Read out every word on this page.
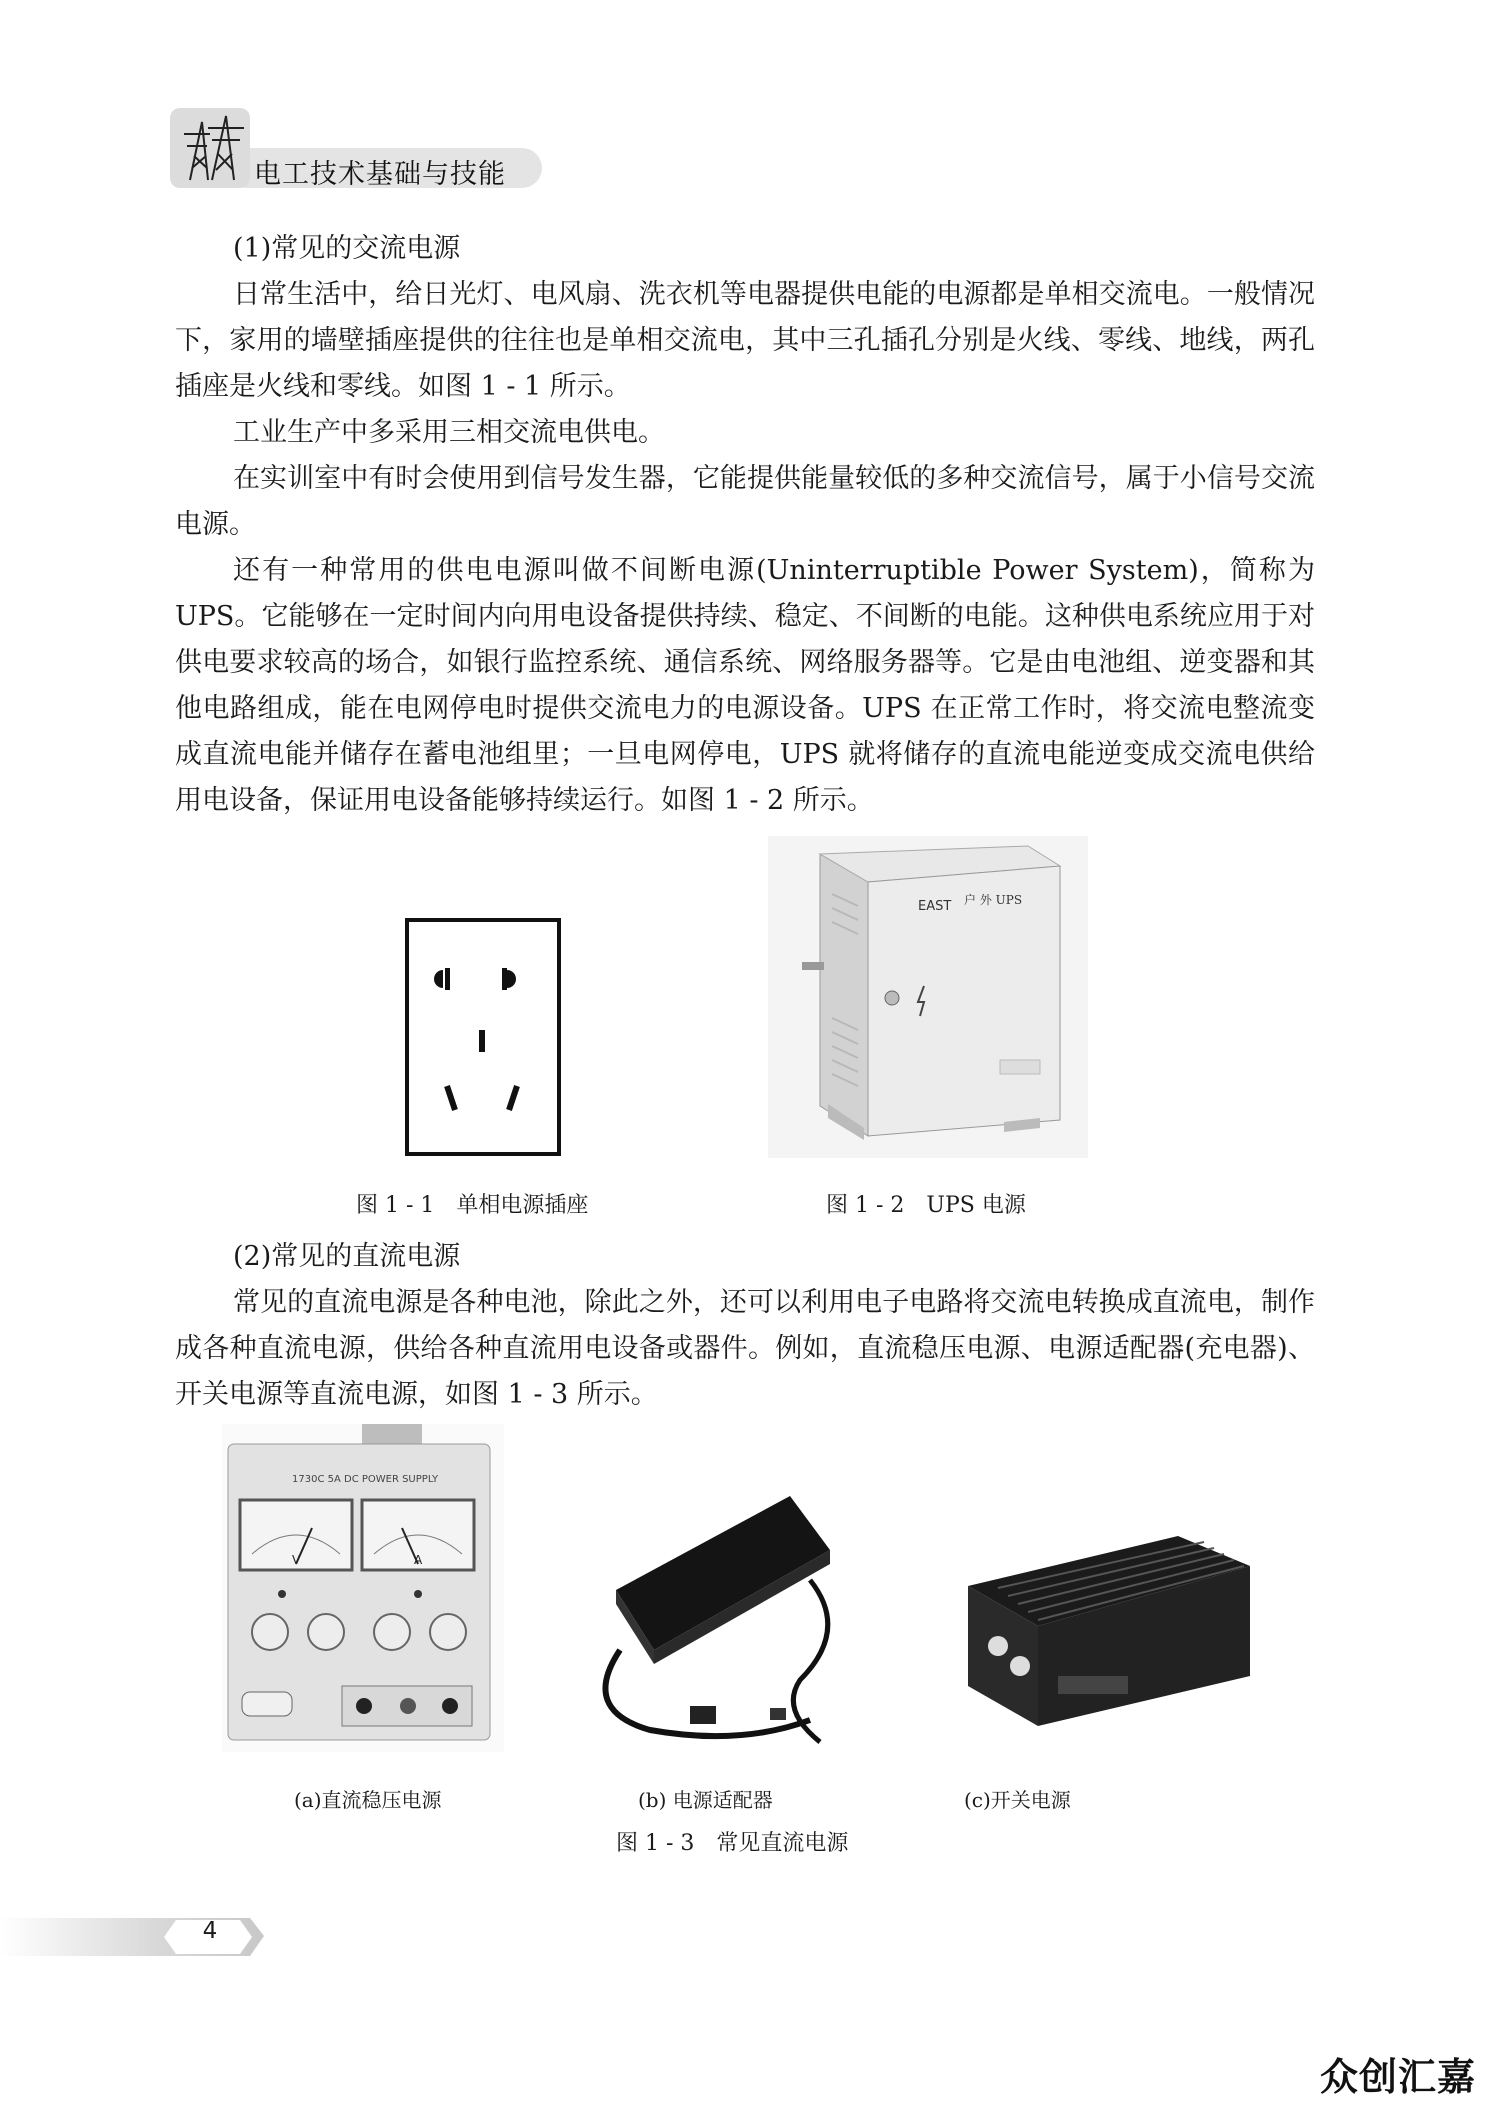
电工技术基础与技能

(1)常见的交流电源

日常生活中，给日光灯、电风扇、洗衣机等电器提供电能的电源都是单相交流电。一般情况下，家用的墙壁插座提供的往往也是单相交流电，其中三孔插孔分别是火线、零线、地线，两孔插座是火线和零线。如图 1 - 1 所示。

工业生产中多采用三相交流电供电。

在实训室中有时会使用到信号发生器，它能提供能量较低的多种交流信号，属于小信号交流电源。

还有一种常用的供电电源叫做不间断电源(Uninterruptible Power System)，简称为UPS。它能够在一定时间内向用电设备提供持续、稳定、不间断的电能。这种供电系统应用于对供电要求较高的场合，如银行监控系统、通信系统、网络服务器等。它是由电池组、逆变器和其他电路组成，能在电网停电时提供交流电力的电源设备。UPS 在正常工作时，将交流电整流变成直流电能并储存在蓄电池组里；一旦电网停电，UPS 就将储存的直流电能逆变成交流电供给用电设备，保证用电设备能够持续运行。如图 1 - 2 所示。

EAST 户 外 UPS
图 1 - 1　单相电源插座	图 1 - 2　UPS 电源

(2)常见的直流电源

常见的直流电源是各种电池，除此之外，还可以利用电子电路将交流电转换成直流电，制作成各种直流电源，供给各种直流用电设备或器件。例如，直流稳压电源、电源适配器(充电器)、开关电源等直流电源，如图 1 - 3 所示。

1730C 5A DC POWER SUPPLY
V	A
(a)直流稳压电源	(b) 电源适配器	(c)开关电源
图 1 - 3　常见直流电源
4
众创汇嘉
